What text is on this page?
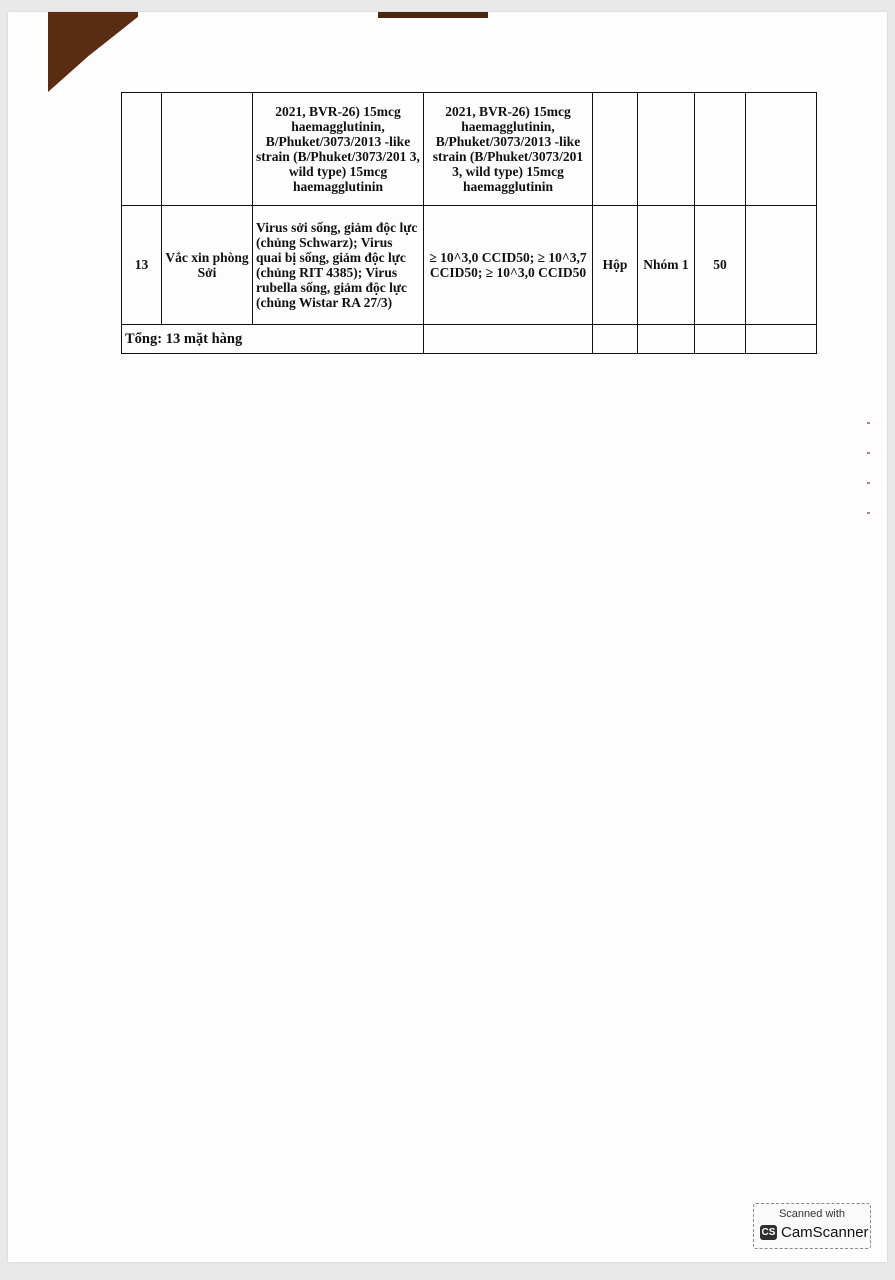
		2021, BVR-26) 15mcg haemagglutinin, B/Phuket/3073/2013 -like strain (B/Phuket/3073/201 3, wild type) 15mcg haemagglutinin	2021, BVR-26) 15mcg haemagglutinin, B/Phuket/3073/2013 -like strain (B/Phuket/3073/201 3, wild type) 15mcg haemagglutinin				
13	Vắc xin phòng Sởi	Virus sởi sống, giảm độc lực (chủng Schwarz); Virus quai bị sống, giảm độc lực (chủng RIT 4385); Virus rubella sống, giảm độc lực (chủng Wistar RA 27/3)	≥ 10^3,0 CCID50; ≥ 10^3,7 CCID50; ≥ 10^3,0 CCID50	Hộp	Nhóm 1	50	
Tổng: 13 mặt hàng							
Scanned with
CS CamScanner
